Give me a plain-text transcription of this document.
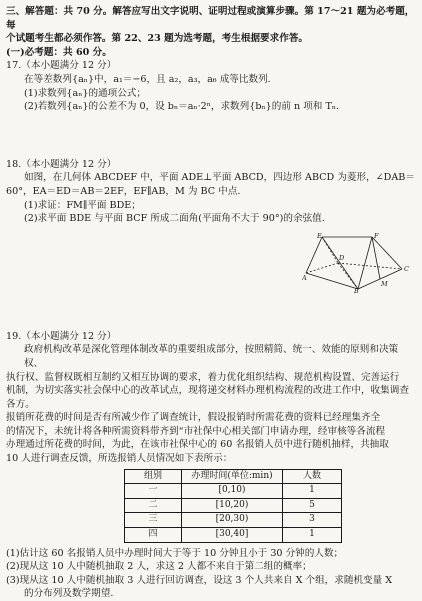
三、解答题：共 70 分。解答应写出文字说明、证明过程或演算步骤。第 17～21 题为必考题，每

个试题考生都必须作答。第 22、23 题为选考题，考生根据要求作答。

(一)必考题：共 60 分。

17.（本小题满分 12 分）

在等差数列{aₙ}中，a₁＝−6，且 a₂，a₃，a₆ 成等比数列.

(1)求数列{aₙ}的通项公式；

(2)若数列{aₙ}的公差不为 0，设 bₙ＝aₙ·2ⁿ，求数列{bₙ}的前 n 项和 Tₙ.

18.（本小题满分 12 分）

如图，在几何体 ABCDEF 中，平面 ADE⊥平面 ABCD，四边形 ABCD 为菱形，∠DAB＝

60°，EA＝ED＝AB＝2EF，EF∥AB，M 为 BC 中点.

(1)求证：FM∥平面 BDE；

(2)求平面 BDE 与平面 BCF 所成二面角(平面角不大于 90°)的余弦值.

19.（本小题满分 12 分）

政府机构改革是深化管理体制改革的重要组成部分，按照精简、统一、效能的原则和决策权、

执行权、监督权既相互制约又相互协调的要求，着力优化组织结构、规范机构设置、完善运行

机制，为切实落实社会保中心的改革试点，现将递交材料办理机构流程的改进工作中，收集调查各方。

报销所花费的时间是否有所减少作了调查统计，假设报销时所需花费的资料已经理集齐全

的情况下，未统计将各种所需资料带齐到“市社保中心相关部门申请办理，经审核等各流程

办理通过所花费的时间，为此，在该市社保中心的 60 名报销人员中进行随机抽样，共抽取

10 人进行调查反馈，所选报销人员情况如下表所示：

组别	办理时间(单位:min)	人数
一	[0,10)	1
二	[10,20)	5
三	[20,30)	3
四	[30,40]	1

(1)估计这 60 名报销人员中办理时间大于等于 10 分钟且小于 30 分钟的人数；

(2)现从这 10 人中随机抽取 2 人，求这 2 人都不来自于第二组的概率；

(3)现从这 10 人中随机抽取 3 人进行回访调查，设这 3 个人共来自 X 个组，求随机变量 X

的分布列及数学期望.

E	F
A
D
B
M
C
